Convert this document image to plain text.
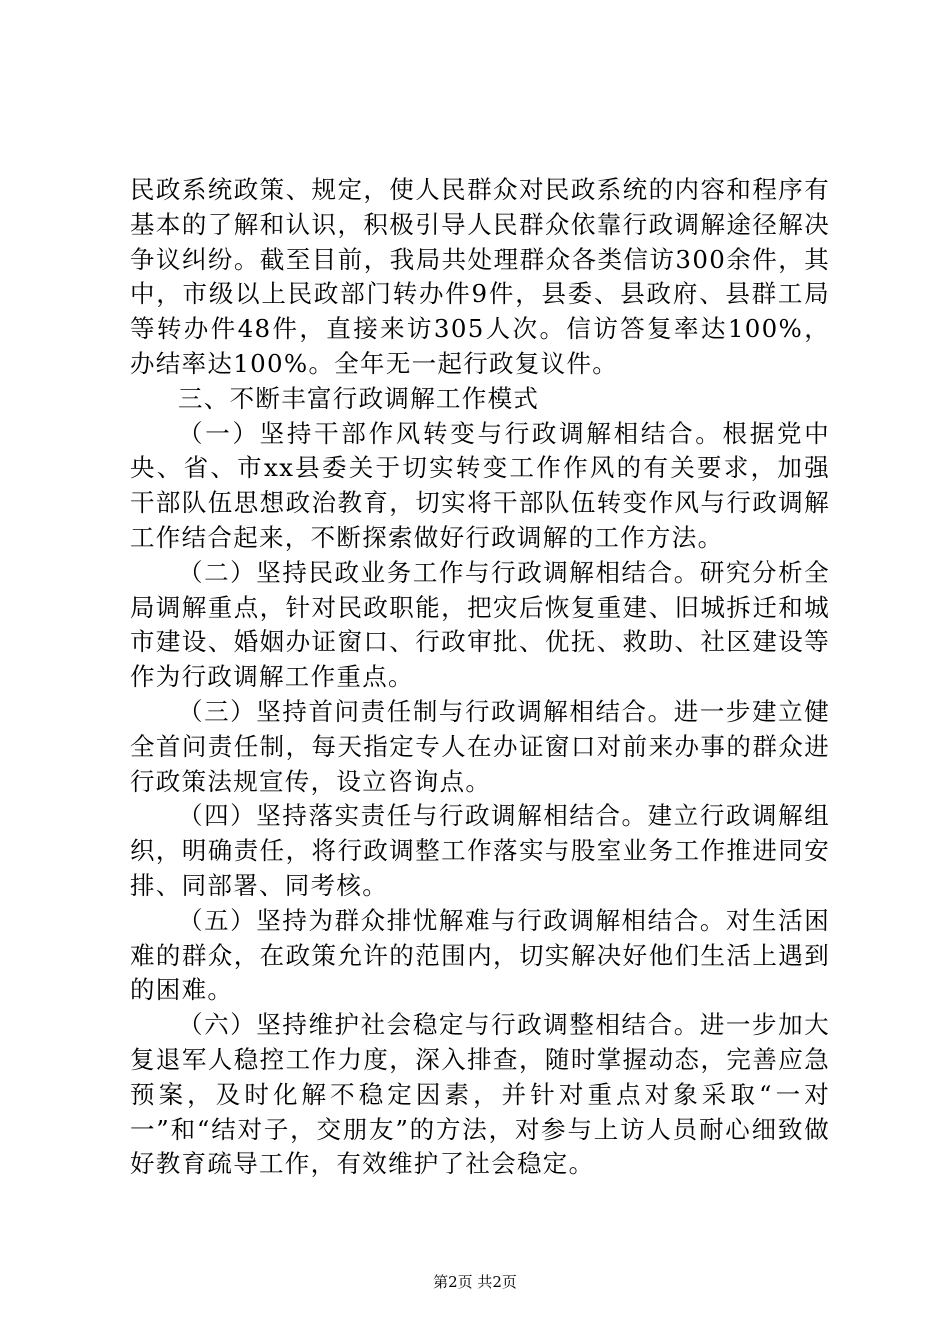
民政系统政策、规定，使人民群众对民政系统的内容和程序有基本的了解和认识，积极引导人民群众依靠行政调解途径解决争议纠纷。截至目前，我局共处理群众各类信访300余件，其中，市级以上民政部门转办件9件，县委、县政府、县群工局等转办件48件，直接来访305人次。信访答复率达100%，办结率达100%。全年无一起行政复议件。

三、不断丰富行政调解工作模式

（一）坚持干部作风转变与行政调解相结合。根据党中央、省、市xx县委关于切实转变工作作风的有关要求，加强干部队伍思想政治教育，切实将干部队伍转变作风与行政调解工作结合起来，不断探索做好行政调解的工作方法。

（二）坚持民政业务工作与行政调解相结合。研究分析全局调解重点，针对民政职能，把灾后恢复重建、旧城拆迁和城市建设、婚姻办证窗口、行政审批、优抚、救助、社区建设等作为行政调解工作重点。

（三）坚持首问责任制与行政调解相结合。进一步建立健全首问责任制，每天指定专人在办证窗口对前来办事的群众进行政策法规宣传，设立咨询点。

（四）坚持落实责任与行政调解相结合。建立行政调解组织，明确责任，将行政调整工作落实与股室业务工作推进同安排、同部署、同考核。

（五）坚持为群众排忧解难与行政调解相结合。对生活困难的群众，在政策允许的范围内，切实解决好他们生活上遇到的困难。

（六）坚持维护社会稳定与行政调整相结合。进一步加大复退军人稳控工作力度，深入排查，随时掌握动态，完善应急预案，及时化解不稳定因素，并针对重点对象采取“一对一”和“结对子，交朋友”的方法，对参与上访人员耐心细致做好教育疏导工作，有效维护了社会稳定。

第2页 共2页
